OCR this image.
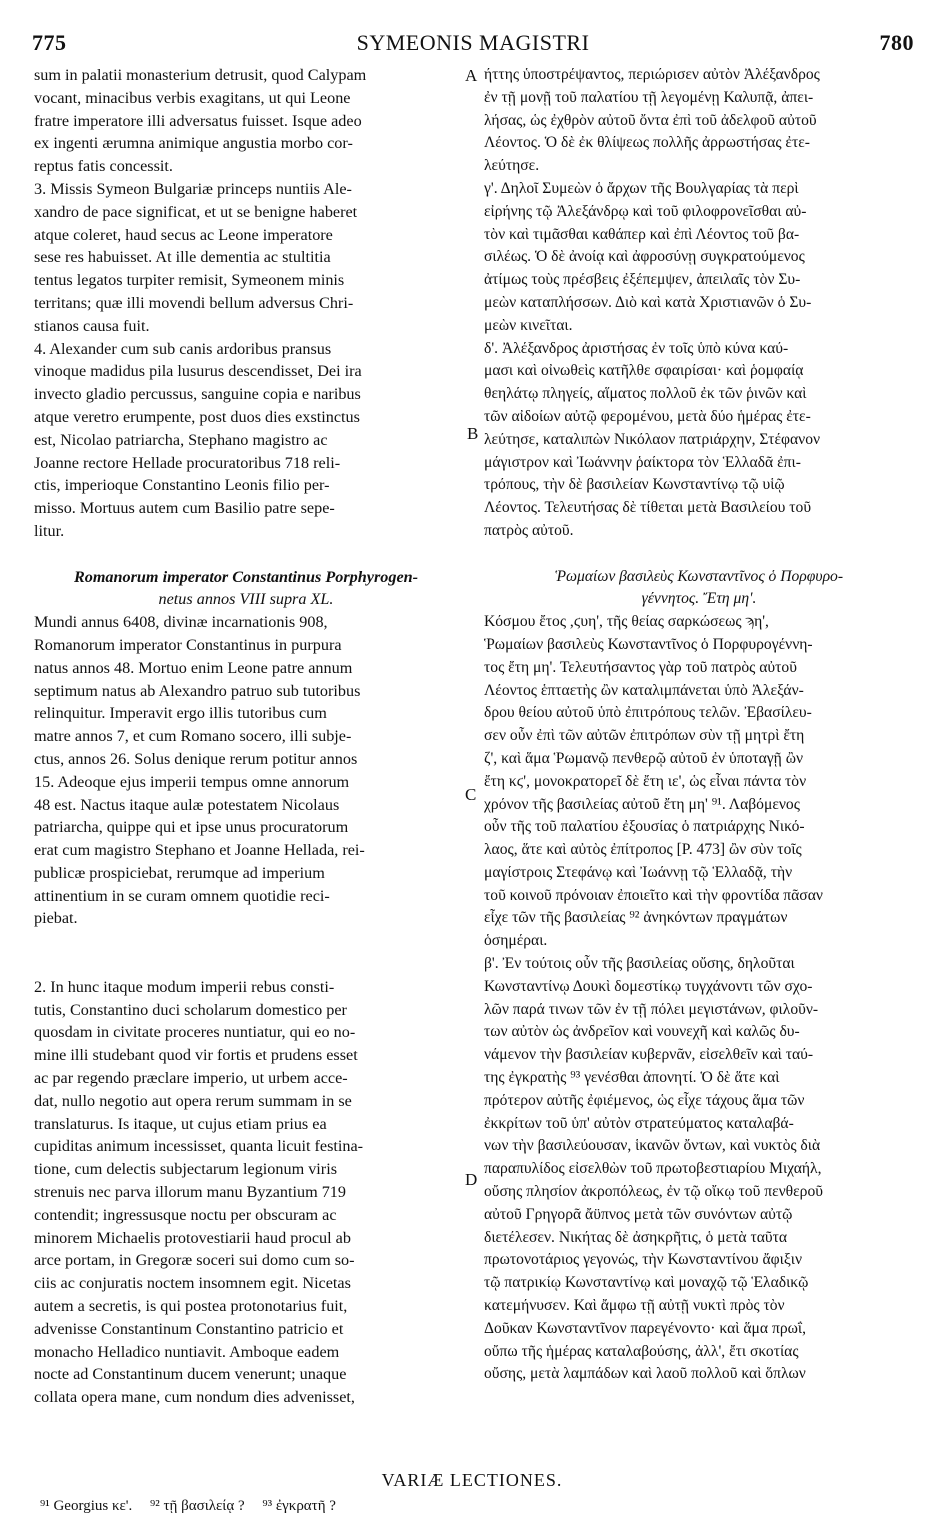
775	SYMEONIS MAGISTRI	780
sum in palatii monasterium detrusit, quod Calypam
vocant, minacibus verbis exagitans, ut qui Leone
fratre imperatore illi adversatus fuisset. Isque adeo
ex ingenti ærumna animique angustia morbo cor-
reptus fatis concessit.
3. Missis Symeon Bulgariæ princeps nuntiis Ale-
xandro de pace significat, et ut se benigne haberet
atque coleret, haud secus ac Leone imperatore
sese res habuisset. At ille dementia ac stultitia
tentus legatos turpiter remisit, Symeonem minis
territans; quæ illi movendi bellum adversus Chri-
stianos causa fuit.
4. Alexander cum sub canis ardoribus pransus
vinoque madidus pila lusurus descendisset, Dei ira
invecto gladio percussus, sanguine copia e naribus
atque veretro erumpente, post duos dies exstinctus
est, Nicolao patriarcha, Stephano magistro ac
Joanne rectore Hellade procuratoribus 718 reli-
ctis, imperioque Constantino Leonis filio per-
misso. Mortuus autem cum Basilio patre sepe-
litur.
Romanorum imperator Constantinus Porphyrogen-
netus annos VIII supra XL.
Mundi annus 6408, divinæ incarnationis 908,
Romanorum imperator Constantinus in purpura
natus annos 48. Mortuo enim Leone patre annum
septimum natus ab Alexandro patruo sub tutoribus
relinquitur. Imperavit ergo illis tutoribus cum
matre annos 7, et cum Romano socero, illi subje-
ctus, annos 26. Solus denique rerum potitur annos
15. Adeoque ejus imperii tempus omne annorum
48 est. Nactus itaque aulæ potestatem Nicolaus
patriarcha, quippe qui et ipse unus procuratorum
erat cum magistro Stephano et Joanne Hellada, rei-
publicæ prospiciebat, rerumque ad imperium
attinentium in se curam omnem quotidie reci-
piebat.
2. In hunc itaque modum imperii rebus consti-
tutis, Constantino duci scholarum domestico per
quosdam in civitate proceres nuntiatur, qui eo no-
mine illi studebant quod vir fortis et prudens esset
ac par regendo præclare imperio, ut urbem acce-
dat, nullo negotio aut opera rerum summam in se
translaturus. Is itaque, ut cujus etiam prius ea
cupiditas animum incessisset, quanta licuit festina-
tione, cum delectis subjectarum legionum viris
strenuis nec parva illorum manu Byzantium 719
contendit; ingressusque noctu per obscuram ac
minorem Michaelis protovestiarii haud procul ab
arce portam, in Gregoræ soceri sui domo cum so-
ciis ac conjuratis noctem insomnem egit. Nicetas
autem a secretis, is qui postea protonotarius fuit,
advenisse Constantinum Constantino patricio et
monacho Helladico nuntiavit. Amboque eadem
nocte ad Constantinum ducem venerunt; unaque
collata opera mane, cum nondum dies advenisset,
ήττης ὑποστρέψαντος, περιώρισεν αὐτὸν Ἀλέξανδρος
ἐν τῇ μονῇ τοῦ παλατίου τῇ λεγομένῃ Καλυπᾷ, ἀπει-
λήσας, ὡς ἐχθρὸν αὐτοῦ ὄντα ἐπὶ τοῦ ἀδελφοῦ αὐτοῦ
Λέοντος. Ὁ δὲ ἐκ θλίψεως πολλῆς ἀρρωστήσας ἐτε-
λεύτησε.
γ'. Δηλοῖ Συμεὼν ὁ ἄρχων τῆς Βουλγαρίας τὰ περὶ
εἰρήνης τῷ Ἀλεξάνδρῳ καὶ τοῦ φιλοφρονεῖσθαι αὐ-
τὸν καὶ τιμᾶσθαι καθάπερ καὶ ἐπὶ Λέοντος τοῦ βα-
σιλέως. Ὁ δὲ ἀνοίᾳ καὶ ἀφροσύνῃ συγκρατούμενος
ἀτίμως τοὺς πρέσβεις ἐξέπεμψεν, ἀπειλαῖς τὸν Συ-
μεὼν καταπλήσσων. Διὸ καὶ κατὰ Χριστιανῶν ὁ Συ-
μεὼν κινεῖται.
δ'. Ἀλέξανδρος ἀριστήσας ἐν τοῖς ὑπὸ κύνα καύ-
μασι καὶ οἰνωθεὶς κατῆλθε σφαιρίσαι· καὶ ῥομφαίᾳ
θεηλάτῳ πληγείς, αἵματος πολλοῦ ἐκ τῶν ῥινῶν καὶ
τῶν αἰδοίων αὐτῷ φερομένου, μετὰ δύο ἡμέρας ἐτε-
λεύτησε, καταλιπὼν Νικόλαον πατριάρχην, Στέφανον
μάγιστρον καὶ Ἰωάννην ῥαίκτορα τὸν Ἑλλαδᾶ ἐπι-
τρόπους, τὴν δὲ βασιλείαν Κωνσταντίνῳ τῷ υἱῷ
Λέοντος. Τελευτήσας δὲ τίθεται μετὰ Βασιλείου τοῦ
πατρὸς αὐτοῦ.
Ῥωμαίων βασιλεὺς Κωνσταντῖνος ὁ Πορφυρο-
γέννητος. Ἔτη μη'.
Κόσμου ἔτος ,ϛυη', τῆς θείας σαρκώσεως ϡη',
Ῥωμαίων βασιλεὺς Κωνσταντῖνος ὁ Πορφυρογέννη-
τος ἔτη μη'. Τελευτήσαντος γὰρ τοῦ πατρὸς αὐτοῦ
Λέοντος ἑπταετὴς ὢν καταλιμπάνεται ὑπὸ Ἀλεξάν-
δρου θείου αὐτοῦ ὑπὸ ἐπιτρόπους τελῶν. Ἐβασίλευ-
σεν οὖν ἐπὶ τῶν αὐτῶν ἐπιτρόπων σὺν τῇ μητρὶ ἔτη
ζ', καὶ ἅμα Ῥωμανῷ πενθερῷ αὐτοῦ ἐν ὑποταγῇ ὢν
ἔτη κϛ', μονοκρατορεῖ δὲ ἔτη ιε', ὡς εἶναι πάντα τὸν
χρόνον τῆς βασιλείας αὐτοῦ ἔτη μη' ⁹¹. Λαβόμενος
οὖν τῆς τοῦ παλατίου ἐξουσίας ὁ πατριάρχης Νικό-
λαος, ἅτε καὶ αὐτὸς ἐπίτροπος [P. 473] ὢν σὺν τοῖς
μαγίστροις Στεφάνῳ καὶ Ἰωάννῃ τῷ Ἑλλαδᾷ, τὴν
τοῦ κοινοῦ πρόνοιαν ἐποιεῖτο καὶ τὴν φροντίδα πᾶσαν
εἶχε τῶν τῆς βασιλείας ⁹² ἀνηκόντων πραγμάτων
ὁσημέραι.
β'. Ἐν τούτοις οὖν τῆς βασιλείας οὔσης, δηλοῦται
Κωνσταντίνῳ Δουκὶ δομεστίκῳ τυγχάνοντι τῶν σχο-
λῶν παρά τινων τῶν ἐν τῇ πόλει μεγιστάνων, φιλοῦν-
των αὐτὸν ὡς ἀνδρεῖον καὶ νουνεχῆ καὶ καλῶς δυ-
νάμενον τὴν βασιλείαν κυβερνᾶν, εἰσελθεῖν καὶ ταύ-
της ἐγκρατὴς ⁹³ γενέσθαι ἀπονητί. Ὁ δὲ ἅτε καὶ
πρότερον αὐτῆς ἐφιέμενος, ὡς εἶχε τάχους ἅμα τῶν
ἐκκρίτων τοῦ ὑπ' αὐτὸν στρατεύματος καταλαβά-
νων τὴν βασιλεύουσαν, ἱκανῶν ὄντων, καὶ νυκτὸς διὰ
παραπυλίδος εἰσελθὼν τοῦ πρωτοβεστιαρίου Μιχαήλ,
οὔσης πλησίον ἀκροπόλεως, ἐν τῷ οἴκῳ τοῦ πενθεροῦ
αὐτοῦ Γρηγορᾶ ἄϋπνος μετὰ τῶν συνόντων αὐτῷ
διετέλεσεν. Νικήτας δὲ ἀσηκρῆτις, ὁ μετὰ ταῦτα
πρωτονοτάριος γεγονώς, τὴν Κωνσταντίνου ἄφιξιν
τῷ πατρικίῳ Κωνσταντίνῳ καὶ μοναχῷ τῷ Ἑλαδικῷ
κατεμήνυσεν. Καὶ ἄμφω τῇ αὐτῇ νυκτὶ πρὸς τὸν
Δοῦκαν Κωνσταντῖνον παρεγένοντο· καὶ ἅμα πρωΐ,
οὔπω τῆς ἡμέρας καταλαβούσης, ἀλλ', ἔτι σκοτίας
οὔσης, μετὰ λαμπάδων καὶ λαοῦ πολλοῦ καὶ ὅπλων
A
B
C
D
VARIÆ LECTIONES.
⁹¹ Georgius κε'. ⁹² τῇ βασιλείᾳ ? ⁹³ ἐγκρατῆ ?
